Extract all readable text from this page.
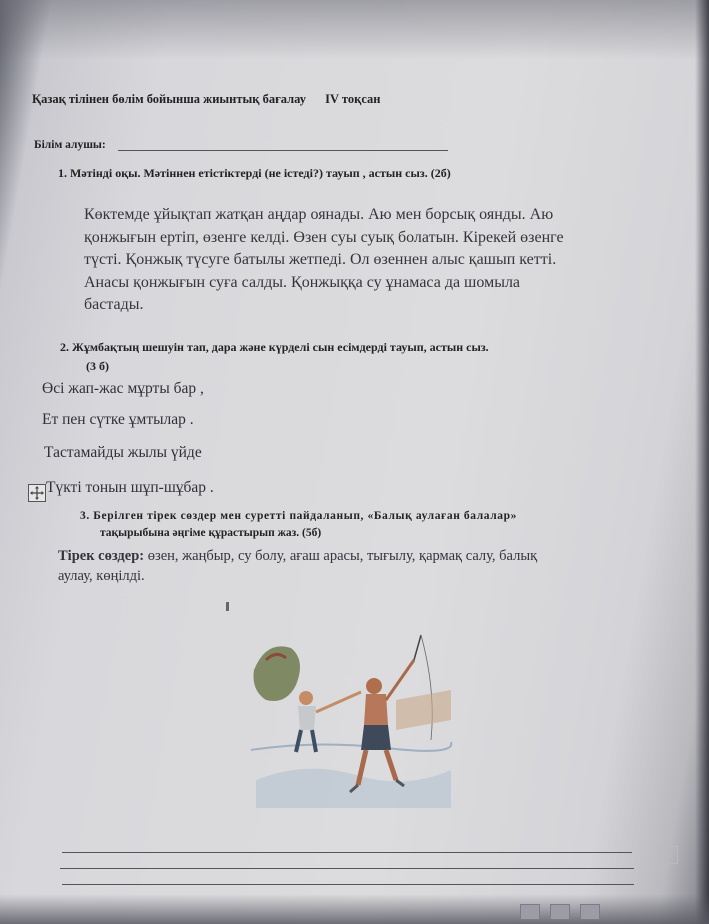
Қазақ тілінен бөлім бойынша жиынтық бағалау IV тоқсан
Білім алушы:
1. Мәтінді оқы. Мәтіннен етістіктерді (не істеді?) тауып , астын сыз. (2б)
Көктемде ұйықтап жатқан аңдар оянады. Аю мен борсық оянды. Аю
қонжығын ертіп, өзенге келді. Өзен суы суық болатын. Кірекей өзенге
түсті. Қонжық түсуге батылы жетпеді. Ол өзеннен алыс қашып кетті.
Анасы қонжығын суға салды. Қонжыққа су ұнамаса да шомыла
бастады.
2. Жұмбақтың шешуін тап, дара және күрделі сын есімдерді тауып, астын сыз.
(3 б)
Өсі жап-жас мұрты бар ,
Ет пен сүтке ұмтылар .
Тастамайды жылы үйде
Түкті тонын шұп-шұбар .
3. Берілген тірек сөздер мен суретті пайдаланып, «Балық аулаған балалар»
тақырыбына әңгіме құрастырып жаз. (5б)
Тірек сөздер: өзен, жаңбыр, су болу, ағаш арасы, тығылу, қармақ салу, балық
аулау, көңілді.
